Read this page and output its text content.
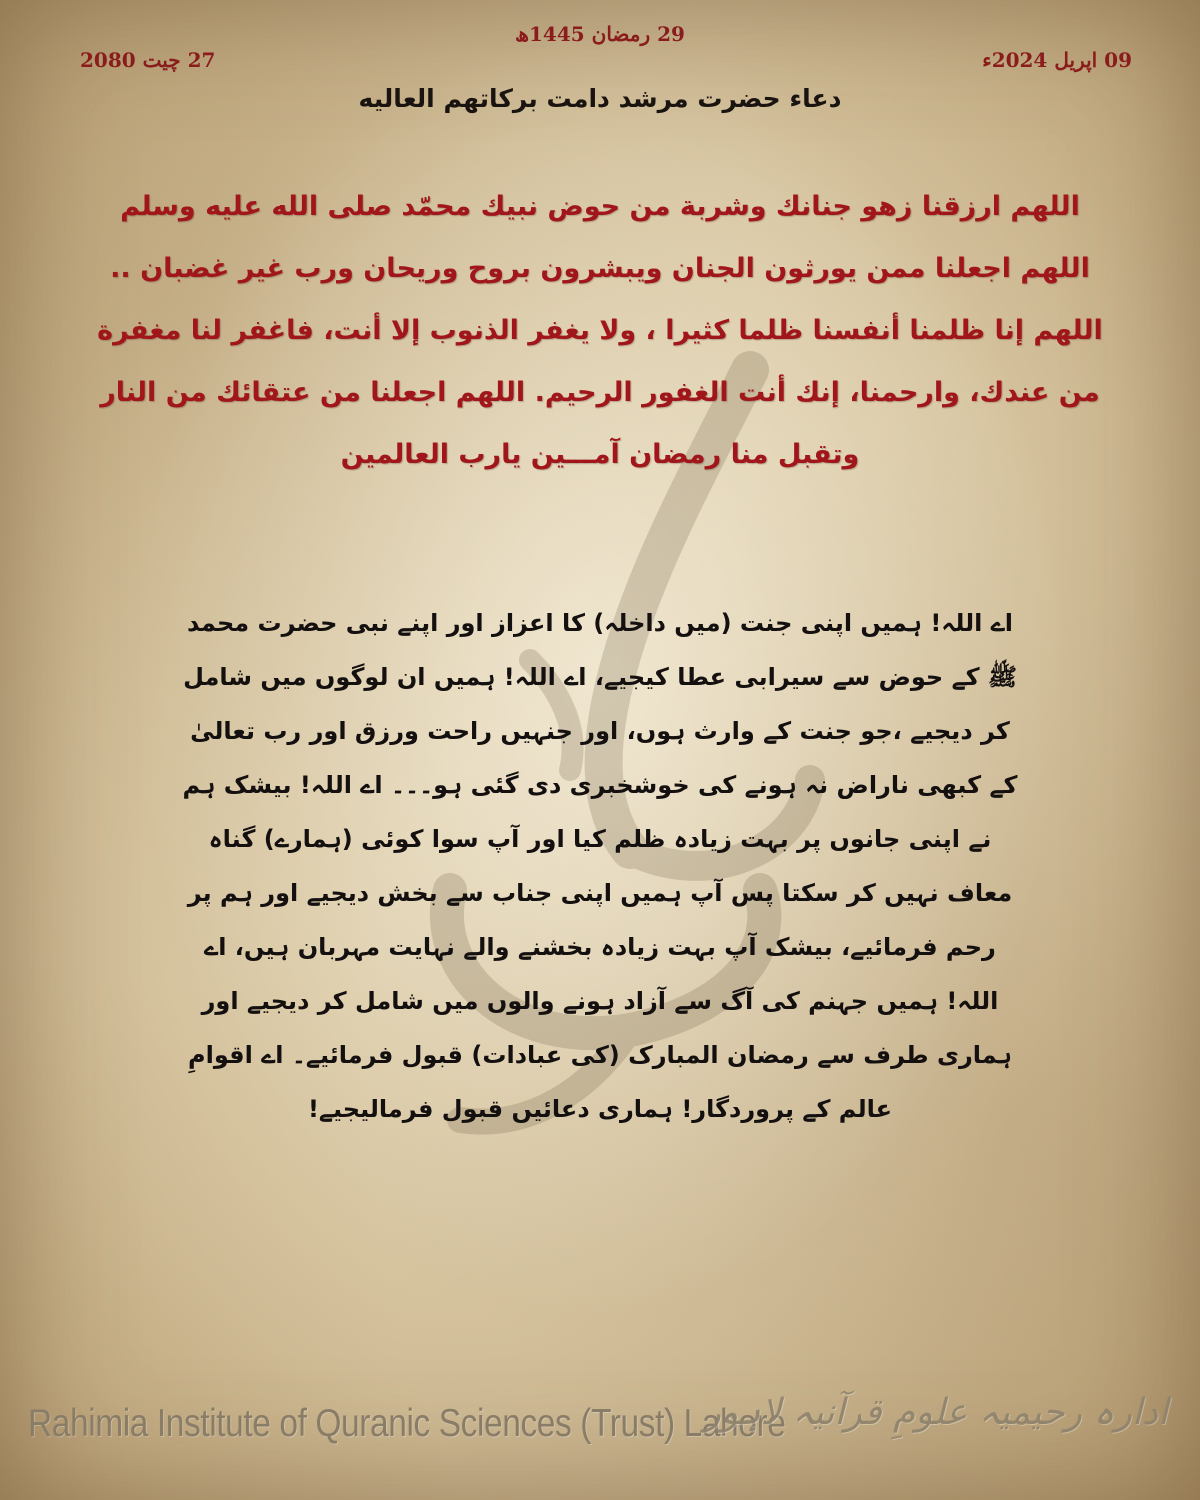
29 رمضان 1445ھ
09 اپریل 2024ء
27 چیت 2080
دعاء حضرت مرشد دامت برکاتهم العالیه
اللهم ارزقنا زهو جنانك وشربة من حوض نبيك محمّد صلى الله عليه وسلم اللهم اجعلنا ممن يورثون الجنان ويبشرون بروح وريحان ورب غير غضبان .. اللهم إنا ظلمنا أنفسنا ظلما كثيرا ، ولا يغفر الذنوب إلا أنت، فاغفر لنا مغفرة من عندك، وارحمنا، إنك أنت الغفور الرحيم. اللهم اجعلنا من عتقائك من النار وتقبل منا رمضان آمـــين يارب العالمين
اے اللہ! ہمیں اپنی جنت (میں داخلہ) کا اعزاز اور اپنے نبی حضرت محمد ﷺ کے حوض سے سیرابی عطا کیجیے، اے اللہ! ہمیں ان لوگوں میں شامل کر دیجیے ،جو جنت کے وارث ہوں، اور جنہیں راحت ورزق اور رب تعالیٰ کے کبھی ناراض نہ ہونے کی خوشخبری دی گئی ہو۔۔۔ اے اللہ! بیشک ہم نے اپنی جانوں پر بہت زیادہ ظلم کیا اور آپ سوا کوئی (ہمارے) گناہ معاف نہیں کر سکتا پس آپ ہمیں اپنی جناب سے بخش دیجیے اور ہم پر رحم فرمائیے، بیشک آپ بہت زیادہ بخشنے والے نہایت مہربان ہیں، اے اللہ! ہمیں جہنم کی آگ سے آزاد ہونے والوں میں شامل کر دیجیے اور ہماری طرف سے رمضان المبارک (کی عبادات) قبول فرمائیے۔ اے اقوامِ عالم کے پروردگار! ہماری دعائیں قبول فرمالیجیے!
Rahimia Institute of Quranic Sciences (Trust) Lahore
ادارہ رحیمیہ علومِ قرآنیہ لاہور
